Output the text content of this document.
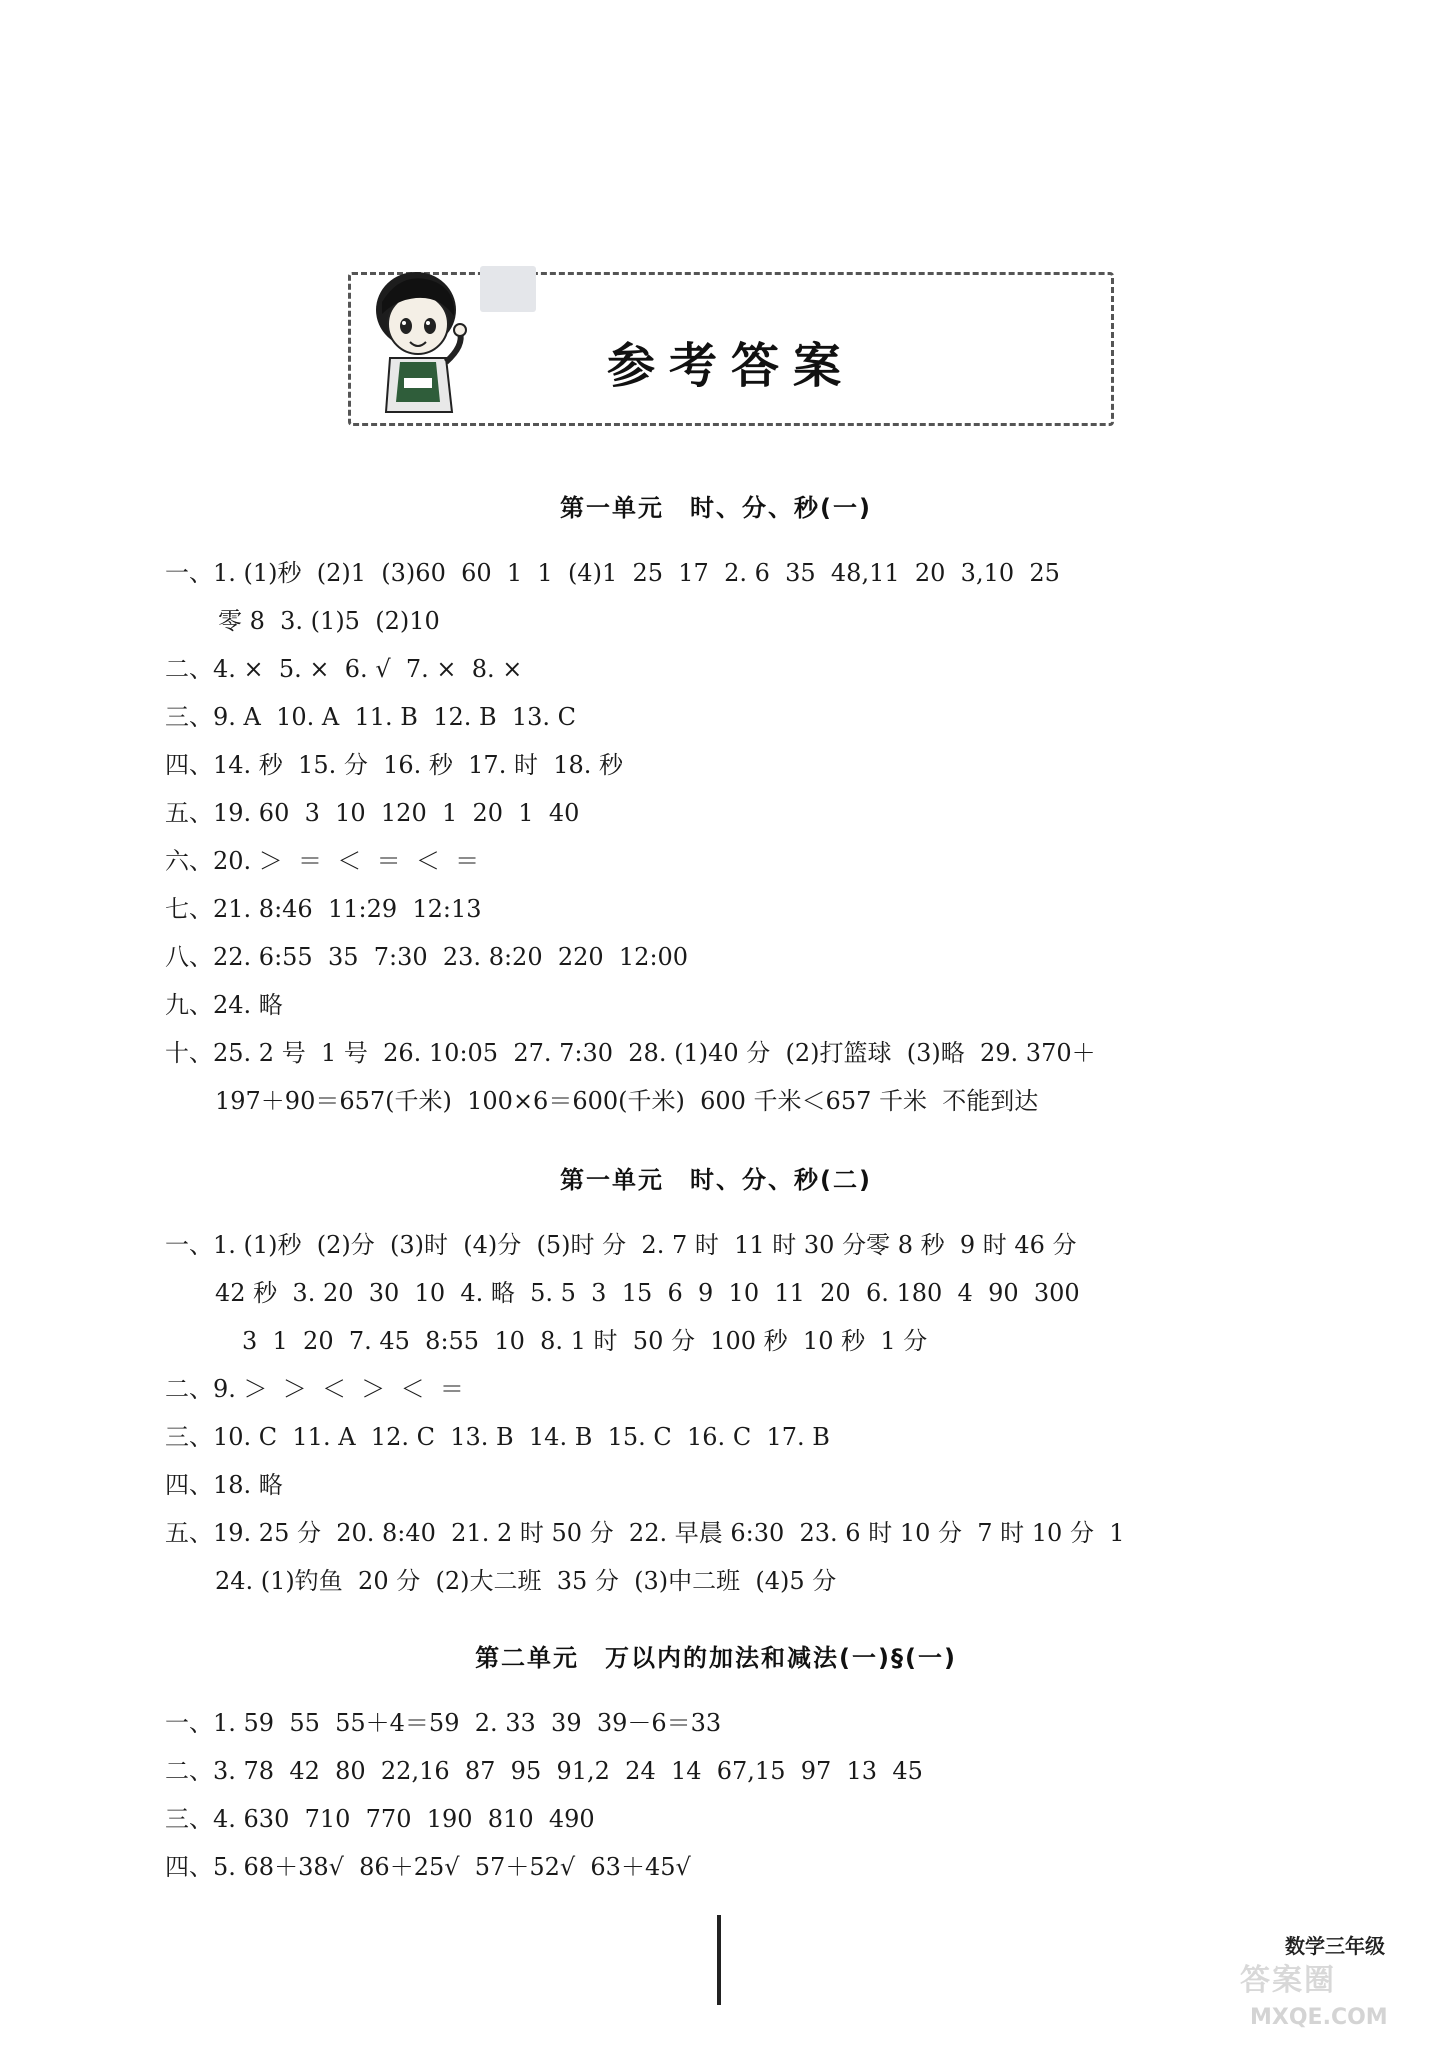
参考答案
第一单元　时、分、秒(一)
一、1. (1)秒  (2)1  (3)60  60  1  1  (4)1  25  17  2. 6  35  48,11  20  3,10  25
零 8  3. (1)5  (2)10
二、4. ×  5. ×  6. √  7. ×  8. ×
三、9. A  10. A  11. B  12. B  13. C
四、14. 秒  15. 分  16. 秒  17. 时  18. 秒
五、19. 60  3  10  120  1  20  1  40
六、20. ＞  ＝  ＜  ＝  ＜  ＝
七、21. 8:46  11:29  12:13
八、22. 6:55  35  7:30  23. 8:20  220  12:00
九、24. 略
十、25. 2 号  1 号  26. 10:05  27. 7:30  28. (1)40 分  (2)打篮球  (3)略  29. 370＋
197＋90＝657(千米)  100×6＝600(千米)  600 千米＜657 千米  不能到达
第一单元　时、分、秒(二)
一、1. (1)秒  (2)分  (3)时  (4)分  (5)时 分  2. 7 时  11 时 30 分零 8 秒  9 时 46 分
42 秒  3. 20  30  10  4. 略  5. 5  3  15  6  9  10  11  20  6. 180  4  90  300
3  1  20  7. 45  8:55  10  8. 1 时  50 分  100 秒  10 秒  1 分
二、9. ＞  ＞  ＜  ＞  ＜  ＝
三、10. C  11. A  12. C  13. B  14. B  15. C  16. C  17. B
四、18. 略
五、19. 25 分  20. 8:40  21. 2 时 50 分  22. 早晨 6:30  23. 6 时 10 分  7 时 10 分  1
24. (1)钓鱼  20 分  (2)大二班  35 分  (3)中二班  (4)5 分
第二单元　万以内的加法和减法(一)§(一)
一、1. 59  55  55＋4＝59  2. 33  39  39－6＝33
二、3. 78  42  80  22,16  87  95  91,2  24  14  67,15  97  13  45
三、4. 630  710  770  190  810  490
四、5. 68＋38√  86＋25√  57＋52√  63＋45√
数学三年级
答案圈
MXQE.COM
